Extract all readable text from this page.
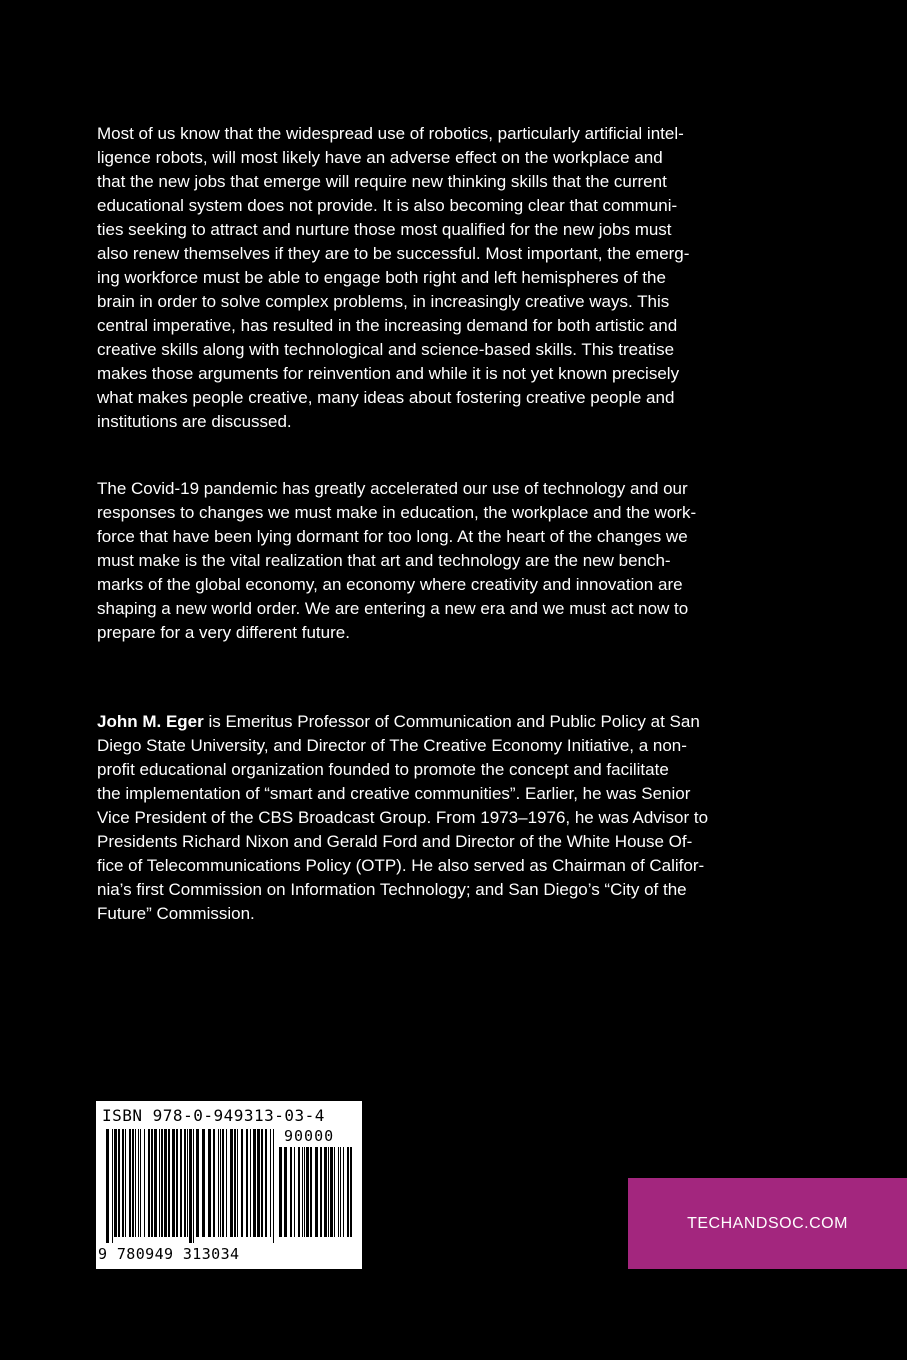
Most of us know that the widespread use of robotics, particularly artificial intel-
ligence robots, will most likely have an adverse effect on the workplace and
that the new jobs that emerge will require new thinking skills that the current
educational system does not provide. It is also becoming clear that communi-
ties seeking to attract and nurture those most qualified for the new jobs must
also renew themselves if they are to be successful. Most important, the emerg-
ing workforce must be able to engage both right and left hemispheres of the
brain in order to solve complex problems, in increasingly creative ways. This
central imperative, has resulted in the increasing demand for both artistic and
creative skills along with technological and science-based skills. This treatise
makes those arguments for reinvention and while it is not yet known precisely
what makes people creative, many ideas about fostering creative people and
institutions are discussed.

The Covid-19 pandemic has greatly accelerated our use of technology and our
responses to changes we must make in education, the workplace and the work-
force that have been lying dormant for too long. At the heart of the changes we
must make is the vital realization that art and technology are the new bench-
marks of the global economy, an economy where creativity and innovation are
shaping a new world order. We are entering a new era and we must act now to
prepare for a very different future.

John M. Eger is Emeritus Professor of Communication and Public Policy at San
Diego State University, and Director of The Creative Economy Initiative, a non-
profit educational organization founded to promote the concept and facilitate
the implementation of “smart and creative communities”. Earlier, he was Senior
Vice President of the CBS Broadcast Group. From 1973–1976, he was Advisor to
Presidents Richard Nixon and Gerald Ford and Director of the White House Of-
fice of Telecommunications Policy (OTP). He also served as Chairman of Califor-
nia’s first Commission on Information Technology; and San Diego’s “City of the
Future” Commission.

ISBN 978-0-949313-03-4
90000
9 780949 313034
TECHANDSOC.COM
